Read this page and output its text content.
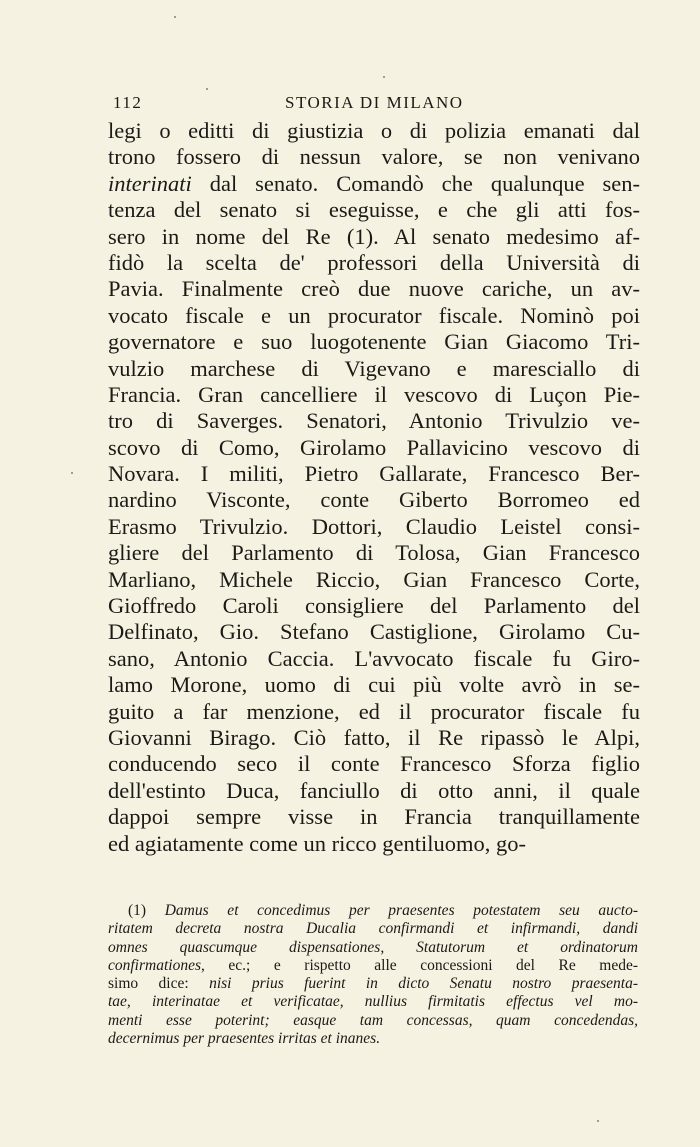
112	STORIA DI MILANO
legi o editti di giustizia o di polizia emanati dal
trono fossero di nessun valore, se non venivano
interinati dal senato. Comandò che qualunque sen-
tenza del senato si eseguisse, e che gli atti fos-
sero in nome del Re (1). Al senato medesimo af-
fidò la scelta de' professori della Università di
Pavia. Finalmente creò due nuove cariche, un av-
vocato fiscale e un procurator fiscale. Nominò poi
governatore e suo luogotenente Gian Giacomo Tri-
vulzio marchese di Vigevano e maresciallo di
Francia. Gran cancelliere il vescovo di Luçon Pie-
tro di Saverges. Senatori, Antonio Trivulzio ve-
scovo di Como, Girolamo Pallavicino vescovo di
Novara. I militi, Pietro Gallarate, Francesco Ber-
nardino Visconte, conte Giberto Borromeo ed
Erasmo Trivulzio. Dottori, Claudio Leistel consi-
gliere del Parlamento di Tolosa, Gian Francesco
Marliano, Michele Riccio, Gian Francesco Corte,
Gioffredo Caroli consigliere del Parlamento del
Delfinato, Gio. Stefano Castiglione, Girolamo Cu-
sano, Antonio Caccia. L'avvocato fiscale fu Giro-
lamo Morone, uomo di cui più volte avrò in se-
guito a far menzione, ed il procurator fiscale fu
Giovanni Birago. Ciò fatto, il Re ripassò le Alpi,
conducendo seco il conte Francesco Sforza figlio
dell'estinto Duca, fanciullo di otto anni, il quale
dappoi sempre visse in Francia tranquillamente
ed agiatamente come un ricco gentiluomo, go-
(1) Damus et concedimus per praesentes potestatem seu aucto-
ritatem decreta nostra Ducalia confirmandi et infirmandi, dandi
omnes quascumque dispensationes, Statutorum et ordinatorum
confirmationes, ec.; e rispetto alle concessioni del Re mede-
simo dice: nisi prius fuerint in dicto Senatu nostro praesenta-
tae, interinatae et verificatae, nullius firmitatis effectus vel mo-
menti esse poterint; easque tam concessas, quam concedendas,
decernimus per praesentes irritas et inanes.
